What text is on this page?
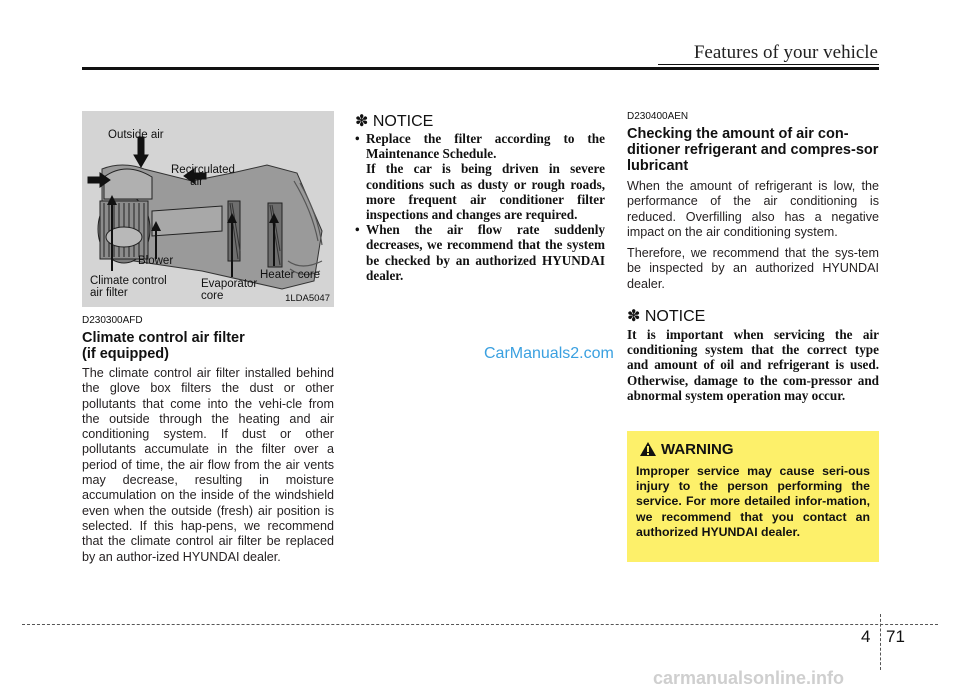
Features of your vehicle
Outside air
Recirculated
air
Blower
Climate control
air filter
Evaporator
core
Heater core
1LDA5047
D230300AFD
Climate control air filter
(if equipped)
The climate control air filter installed behind the glove box filters the dust or other pollutants that come into the vehi-cle from the outside through the heating and air conditioning system. If dust or other pollutants accumulate in the filter over a period of time, the air flow from the air vents may decrease, resulting in moisture accumulation on the inside of the windshield even when the outside (fresh) air position is selected. If this hap-pens, we recommend that the climate control air filter be replaced by an author-ized HYUNDAI dealer.
✽ NOTICE
• Replace the filter according to the Maintenance Schedule.
If the car is being driven in severe conditions such as dusty or rough roads, more frequent air conditioner filter inspections and changes are required.
• When the air flow rate suddenly decreases, we recommend that the system be checked by an authorized HYUNDAI dealer.
CarManuals2.com
D230400AEN
Checking the amount of air con-ditioner refrigerant and compres-sor lubricant

When the amount of refrigerant is low, the performance of the air conditioning is reduced. Overfilling also has a negative impact on the air conditioning system.

Therefore, we recommend that the sys-tem be inspected by an authorized HYUNDAI dealer.

✽ NOTICE

It is important when servicing the air conditioning system that the correct type and amount of oil and refrigerant is used. Otherwise, damage to the com-pressor and abnormal system operation may occur.

WARNING
Improper service may cause seri-ous injury to the person performing the service. For more detailed infor-mation, we recommend that you contact an authorized HYUNDAI dealer.
4 71
carmanualsonline.info
